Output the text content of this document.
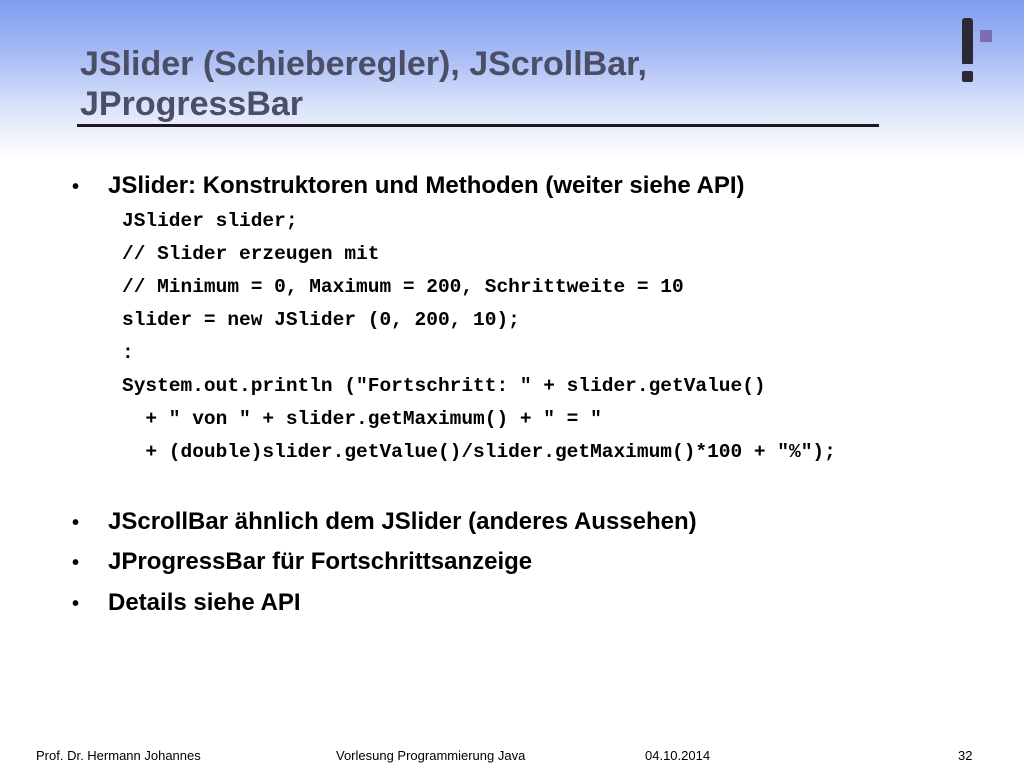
JSlider (Schieberegler), JScrollBar,
JProgressBar
•	JSlider: Konstruktoren und Methoden (weiter siehe API)
JSlider slider;
// Slider erzeugen mit
// Minimum = 0, Maximum = 200, Schrittweite = 10
slider = new JSlider (0, 200, 10);
:
System.out.println ("Fortschritt: " + slider.getValue()
+ " von " + slider.getMaximum() + " = "
+ (double)slider.getValue()/slider.getMaximum()*100 + "%");
•	JScrollBar ähnlich dem JSlider (anderes Aussehen)
•	JProgressBar für Fortschrittsanzeige
•	Details siehe API
Prof. Dr. Hermann Johannes	Vorlesung Programmierung Java	04.10.2014	32
